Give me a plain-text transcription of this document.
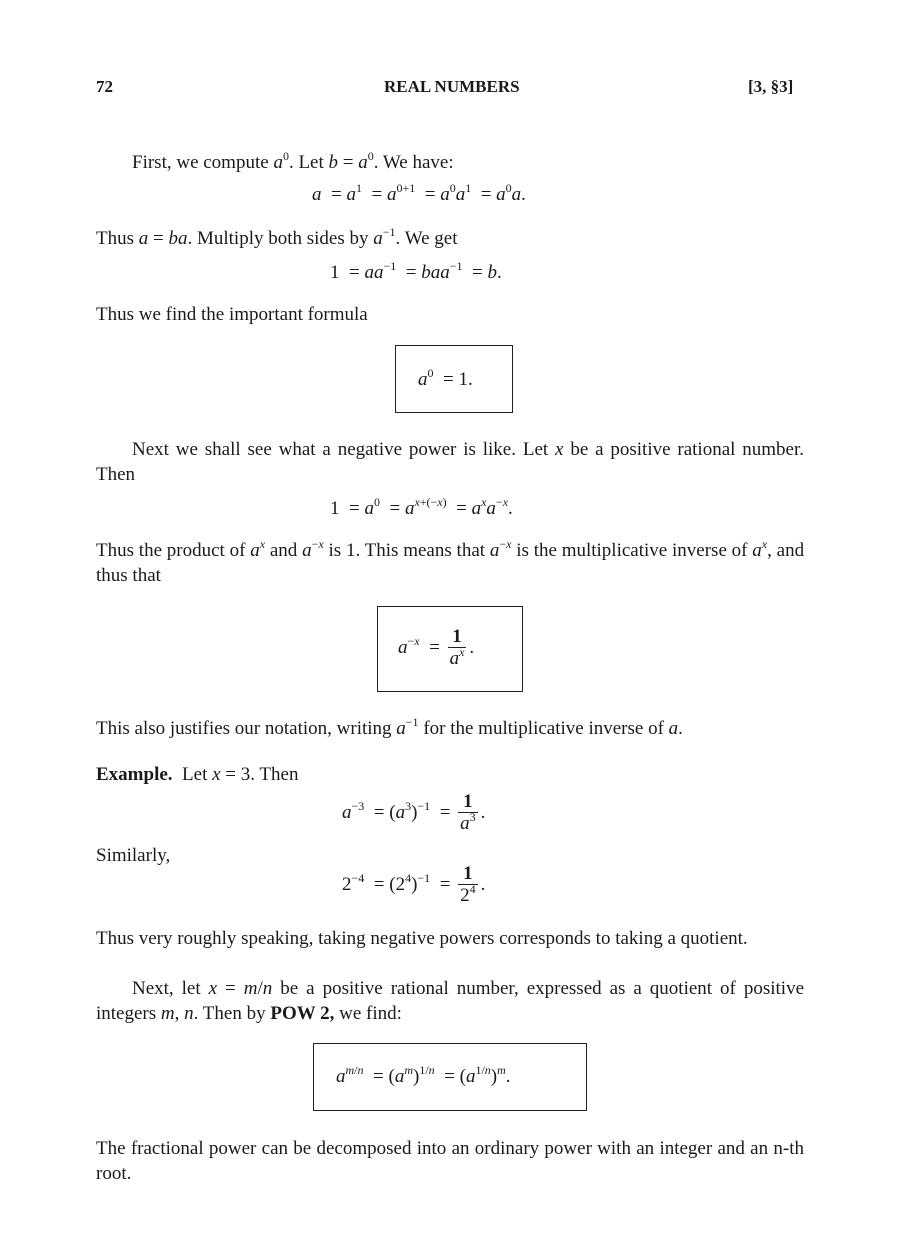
72	REAL NUMBERS	[3, §3]
First, we compute $a^0$. Let $b = a^0$. We have:
$a = a^1 = a^{0+1} = a^0a^1 = a^0a$.
Thus a = ba. Multiply both sides by $a^{-1}$. We get
$1 = aa^{-1} = baa^{-1} = b$.
Thus we find the important formula
$a^0 = 1$.
Next we shall see what a negative power is like. Let x be a positive rational number. Then
$1 = a^0 = a^{x+(-x)} = a^xa^{-x}$.
Thus the product of $a^x$ and $a^{-x}$ is 1. This means that $a^{-x}$ is the multiplicative inverse of $a^x$, and thus that
$a^{-x} = \frac{1}{a^x}$ .
This also justifies our notation, writing $a^{-1}$ for the multiplicative inverse of a.
Example. Let x = 3. Then
$a^{-3} = (a^3)^{-1} = \frac{1}{a^3}$ .
Similarly,
$2^{-4} = (2^4)^{-1} = \frac{1}{2^4}$ .
Thus very roughly speaking, taking negative powers corresponds to taking a quotient.
Next, let x = m/n be a positive rational number, expressed as a quotient of positive integers m, n. Then by POW 2, we find:
$a^{m/n} = (a^m)^{1/n} = (a^{1/n})^m$.
The fractional power can be decomposed into an ordinary power with an integer and an n-th root.
